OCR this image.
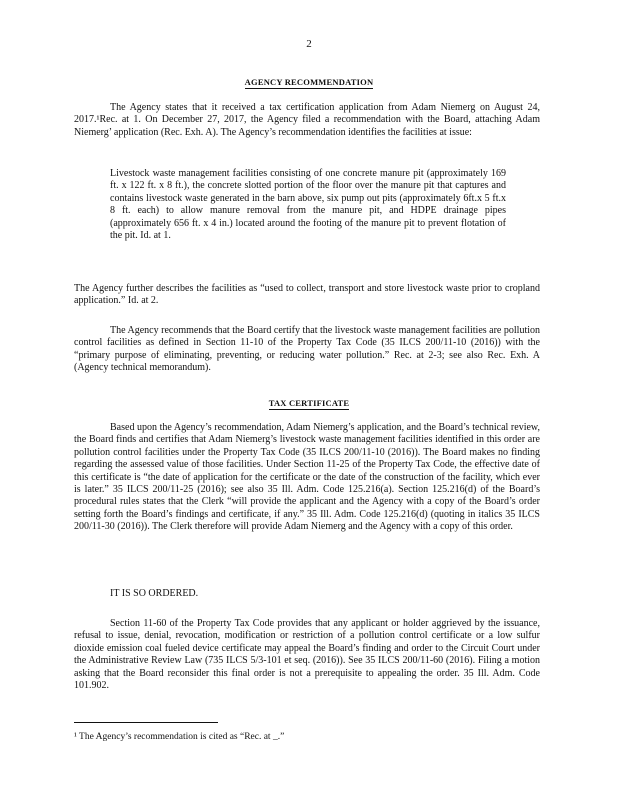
2
AGENCY RECOMMENDATION

The Agency states that it received a tax certification application from Adam Niemerg on August 24, 2017.¹Rec. at 1. On December 27, 2017, the Agency filed a recommendation with the Board, attaching Adam Niemerg’ application (Rec. Exh. A). The Agency’s recommendation identifies the facilities at issue:

Livestock waste management facilities consisting of one concrete manure pit (approximately 169 ft. x 122 ft. x 8 ft.), the concrete slotted portion of the floor over the manure pit that captures and contains livestock waste generated in the barn above, six pump out pits (approximately 6ft.x 5 ft.x 8 ft. each) to allow manure removal from the manure pit, and HDPE drainage pipes (approximately 656 ft. x 4 in.) located around the footing of the manure pit to prevent flotation of the pit. Id. at 1.

The Agency further describes the facilities as “used to collect, transport and store livestock waste prior to cropland application.” Id. at 2.

The Agency recommends that the Board certify that the livestock waste management facilities are pollution control facilities as defined in Section 11-10 of the Property Tax Code (35 ILCS 200/11-10 (2016)) with the “primary purpose of eliminating, preventing, or reducing water pollution.” Rec. at 2-3; see also Rec. Exh. A (Agency technical memorandum).

TAX CERTIFICATE

Based upon the Agency’s recommendation, Adam Niemerg’s application, and the Board’s technical review, the Board finds and certifies that Adam Niemerg’s livestock waste management facilities identified in this order are pollution control facilities under the Property Tax Code (35 ILCS 200/11-10 (2016)). The Board makes no finding regarding the assessed value of those facilities. Under Section 11-25 of the Property Tax Code, the effective date of this certificate is “the date of application for the certificate or the date of the construction of the facility, which ever is later.” 35 ILCS 200/11-25 (2016); see also 35 Ill. Adm. Code 125.216(a). Section 125.216(d) of the Board’s procedural rules states that the Clerk “will provide the applicant and the Agency with a copy of the Board’s order setting forth the Board’s findings and certificate, if any.” 35 Ill. Adm. Code 125.216(d) (quoting in italics 35 ILCS 200/11-30 (2016)). The Clerk therefore will provide Adam Niemerg and the Agency with a copy of this order.

IT IS SO ORDERED.

Section 11-60 of the Property Tax Code provides that any applicant or holder aggrieved by the issuance, refusal to issue, denial, revocation, modification or restriction of a pollution control certificate or a low sulfur dioxide emission coal fueled device certificate may appeal the Board’s finding and order to the Circuit Court under the Administrative Review Law (735 ILCS 5/3-101 et seq. (2016)). See 35 ILCS 200/11-60 (2016). Filing a motion asking that the Board reconsider this final order is not a prerequisite to appealing the order. 35 Ill. Adm. Code 101.902.

¹ The Agency’s recommendation is cited as “Rec. at _.”
